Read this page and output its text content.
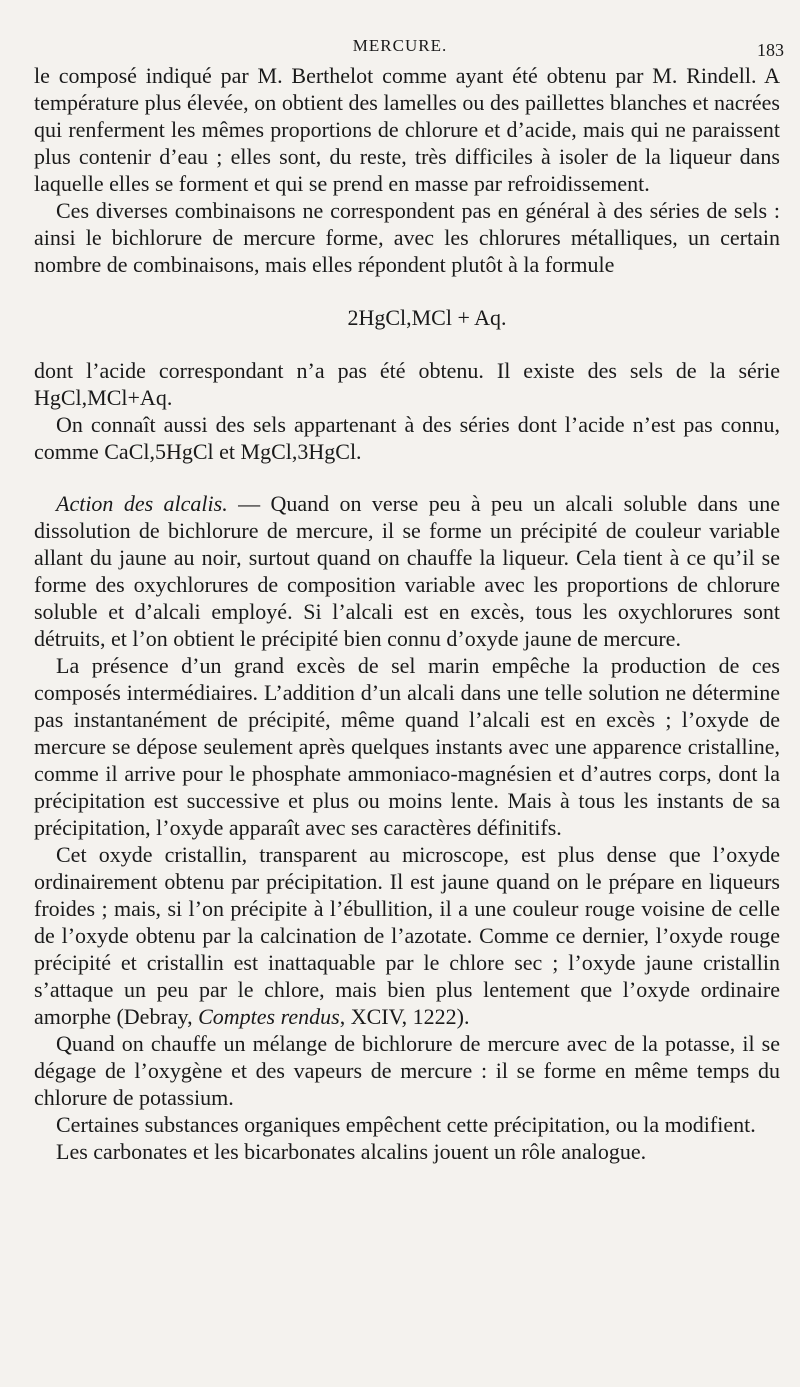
MERCURE.	183

le composé indiqué par M. Berthelot comme ayant été obtenu par M. Rindell. A température plus élevée, on obtient des lamelles ou des paillettes blanches et nacrées qui renferment les mêmes proportions de chlorure et d’acide, mais qui ne paraissent plus contenir d’eau ; elles sont, du reste, très difficiles à isoler de la liqueur dans laquelle elles se forment et qui se prend en masse par refroidissement.

Ces diverses combinaisons ne correspondent pas en général à des séries de sels : ainsi le bichlorure de mercure forme, avec les chlorures métalliques, un certain nombre de combinaisons, mais elles répondent plutôt à la formule

2HgCl,MCl + Aq.

dont l’acide correspondant n’a pas été obtenu. Il existe des sels de la série HgCl,MCl+Aq.

On connaît aussi des sels appartenant à des séries dont l’acide n’est pas connu, comme CaCl,5HgCl et MgCl,3HgCl.

Action des alcalis. — Quand on verse peu à peu un alcali soluble dans une dissolution de bichlorure de mercure, il se forme un précipité de couleur variable allant du jaune au noir, surtout quand on chauffe la liqueur. Cela tient à ce qu’il se forme des oxychlorures de composition variable avec les proportions de chlorure soluble et d’alcali employé. Si l’alcali est en excès, tous les oxychlorures sont détruits, et l’on obtient le précipité bien connu d’oxyde jaune de mercure.

La présence d’un grand excès de sel marin empêche la production de ces composés intermédiaires. L’addition d’un alcali dans une telle solution ne détermine pas instantanément de précipité, même quand l’alcali est en excès ; l’oxyde de mercure se dépose seulement après quelques instants avec une apparence cristalline, comme il arrive pour le phosphate ammoniaco-magnésien et d’autres corps, dont la précipitation est successive et plus ou moins lente. Mais à tous les instants de sa précipitation, l’oxyde apparaît avec ses caractères définitifs.

Cet oxyde cristallin, transparent au microscope, est plus dense que l’oxyde ordinairement obtenu par précipitation. Il est jaune quand on le prépare en liqueurs froides ; mais, si l’on précipite à l’ébullition, il a une couleur rouge voisine de celle de l’oxyde obtenu par la calcination de l’azotate. Comme ce dernier, l’oxyde rouge précipité et cristallin est inattaquable par le chlore sec ; l’oxyde jaune cristallin s’attaque un peu par le chlore, mais bien plus lentement que l’oxyde ordinaire amorphe (Debray, Comptes rendus, XCIV, 1222).

Quand on chauffe un mélange de bichlorure de mercure avec de la potasse, il se dégage de l’oxygène et des vapeurs de mercure : il se forme en même temps du chlorure de potassium.

Certaines substances organiques empêchent cette précipitation, ou la modifient.

Les carbonates et les bicarbonates alcalins jouent un rôle analogue.
